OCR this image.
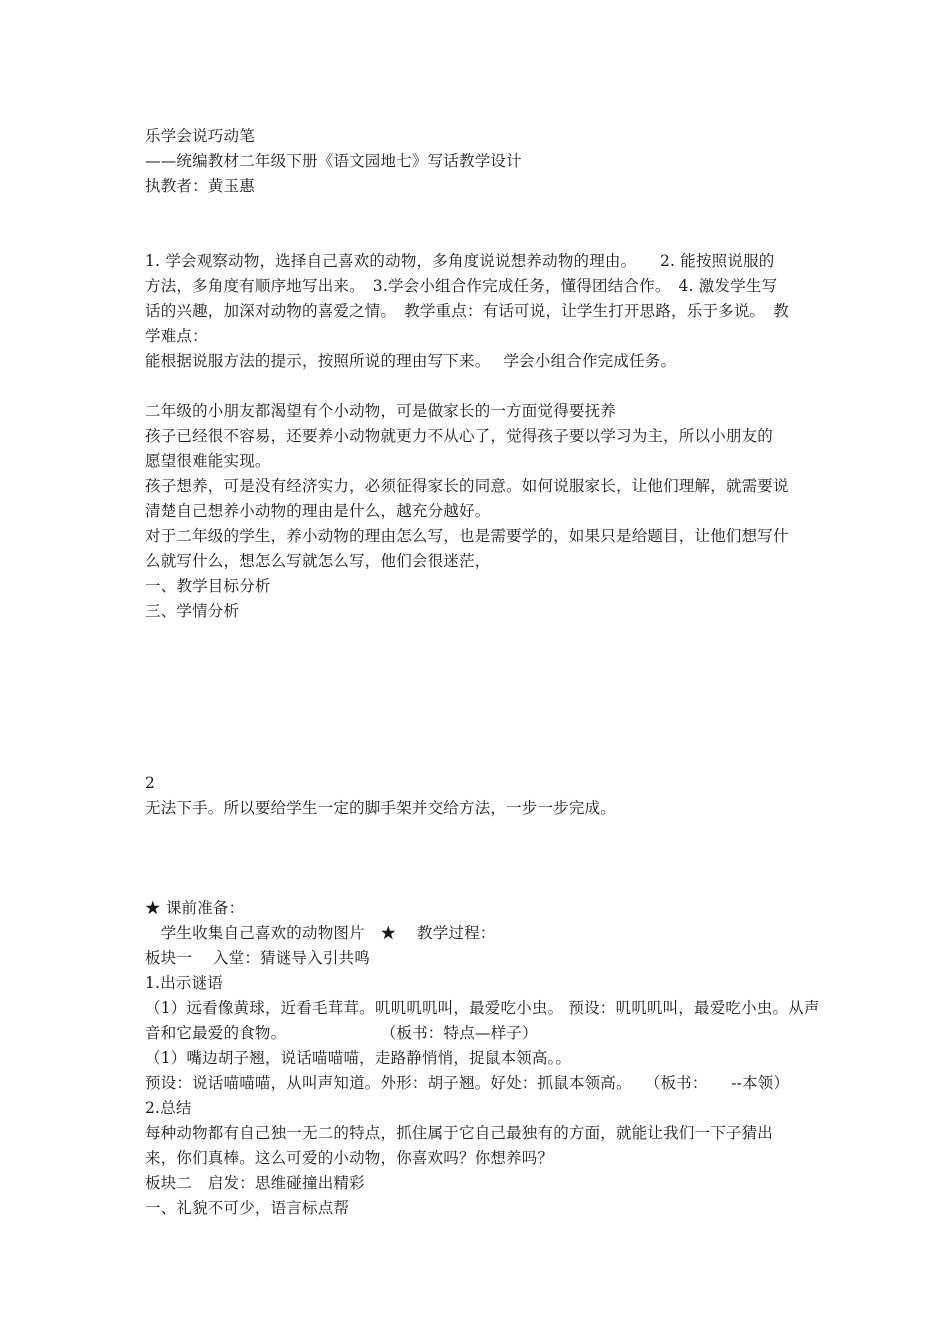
乐学会说巧动笔
——统编教材二年级下册《语文园地七》写话教学设计
执教者：黄玉惠
1. 学会观察动物，选择自己喜欢的动物，多角度说说想养动物的理由。　　2. 能按照说服的
方法，多角度有顺序地写出来。　3.学会小组合作完成任务，懂得团结合作。　4. 激发学生写
话的兴趣，加深对动物的喜爱之情。　教学重点：有话可说，让学生打开思路，乐于多说。　教
学难点：
能根据说服方法的提示，按照所说的理由写下来。　 学会小组合作完成任务。
二年级的小朋友都渴望有个小动物，可是做家长的一方面觉得要抚养
孩子已经很不容易，还要养小动物就更力不从心了，觉得孩子要以学习为主，所以小朋友的
愿望很难能实现。
孩子想养，可是没有经济实力，必须征得家长的同意。如何说服家长，让他们理解，就需要说
清楚自己想养小动物的理由是什么，越充分越好。
对于二年级的学生，养小动物的理由怎么写，也是需要学的，如果只是给题目，让他们想写什
么就写什么，想怎么写就怎么写，他们会很迷茫，
一、教学目标分析
三、学情分析
2
无法下手。所以要给学生一定的脚手架并交给方法，一步一步完成。
★ 课前准备：
　学生收集自己喜欢的动物图片　★　 教学过程：
板块一　 入堂：猜谜导入引共鸣
1.出示谜语
（1）远看像黄球，近看毛茸茸。叽叽叽叽叫，最爱吃小虫。 预设：叽叽叽叫，最爱吃小虫。从声
音和它最爱的食物。　　　　　　　（板书：特点—样子）
（1）嘴边胡子翘，说话喵喵喵，走路静悄悄，捉鼠本领高。。
预设：说话喵喵喵，从叫声知道。外形：胡子翘。好处：抓鼠本领高。　 （板书：　　--本领）
2.总结
每种动物都有自己独一无二的特点，抓住属于它自己最独有的方面，就能让我们一下子猜出
来，你们真棒。这么可爱的小动物，你喜欢吗？你想养吗？
板块二　启发：思维碰撞出精彩
一、礼貌不可少，语言标点帮
